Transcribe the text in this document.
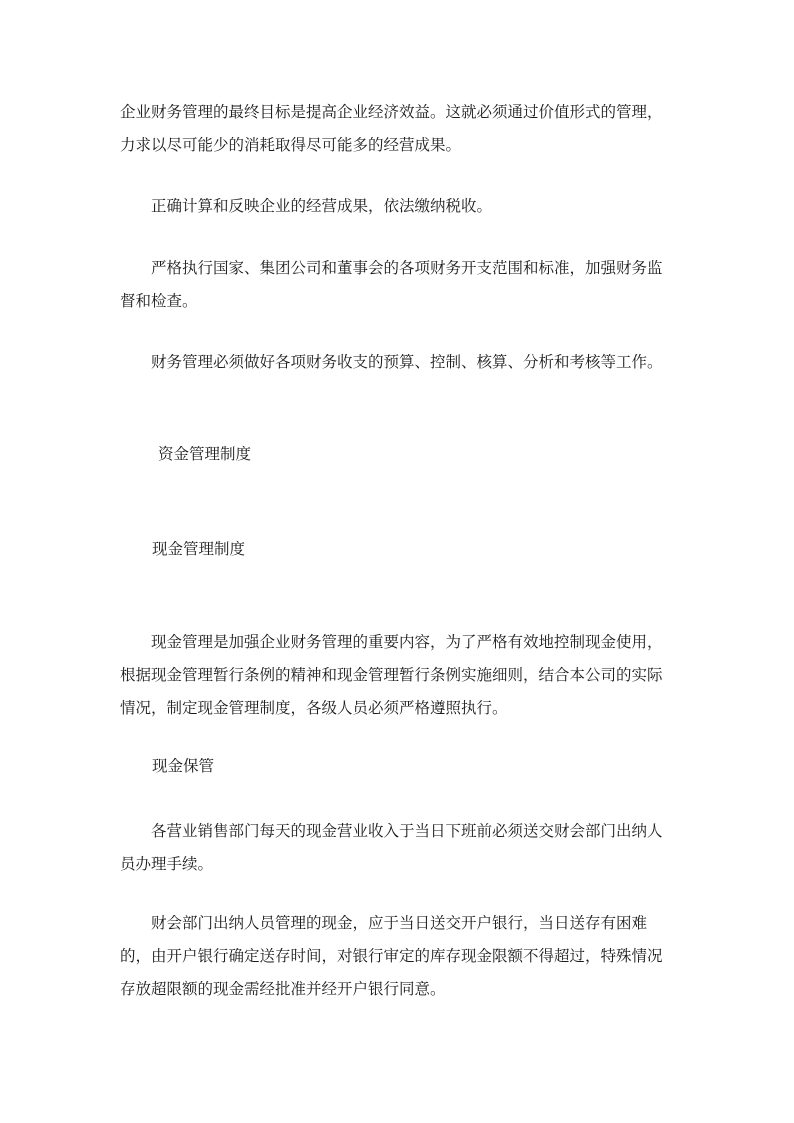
企业财务管理的最终目标是提高企业经济效益。这就必须通过价值形式的管理，力求以尽可能少的消耗取得尽可能多的经营成果。

正确计算和反映企业的经营成果，依法缴纳税收。

严格执行国家、集团公司和董事会的各项财务开支范围和标准，加强财务监督和检查。

财务管理必须做好各项财务收支的预算、控制、核算、分析和考核等工作。

资金管理制度
现金管理制度

现金管理是加强企业财务管理的重要内容，为了严格有效地控制现金使用，根据现金管理暂行条例的精神和现金管理暂行条例实施细则，结合本公司的实际情况，制定现金管理制度，各级人员必须严格遵照执行。

现金保管

各营业销售部门每天的现金营业收入于当日下班前必须送交财会部门出纳人员办理手续。

财会部门出纳人员管理的现金，应于当日送交开户银行，当日送存有困难的，由开户银行确定送存时间，对银行审定的库存现金限额不得超过，特殊情况存放超限额的现金需经批准并经开户银行同意。
